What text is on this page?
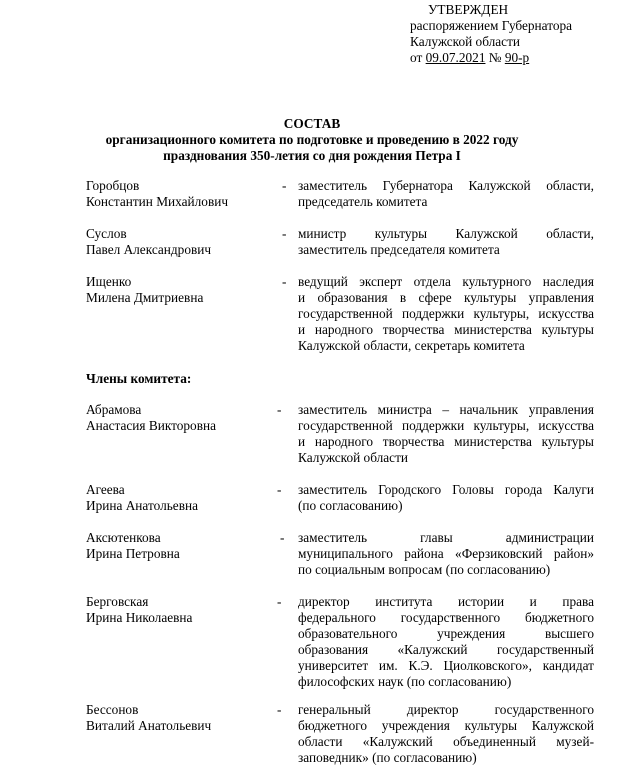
УТВЕРЖДЕН
распоряжением Губернатора
Калужской области
от 09.07.2021 № 90-р
СОСТАВ
организационного комитета по подготовке и проведению в 2022 году
празднования 350-летия со дня рождения Петра I
Горобцов
Константин Михайлович
- заместитель Губернатора Калужской области,
председатель комитета
Суслов
Павел Александрович
- министр культуры Калужской области,
заместитель председателя комитета
Ищенко
Милена Дмитриевна
- ведущий эксперт отдела культурного наследия
и образования в сфере культуры управления
государственной поддержки культуры, искусства
и народного творчества министерства культуры
Калужской области, секретарь комитета
Члены комитета:
Абрамова
Анастасия Викторовна
- заместитель министра – начальник управления
государственной поддержки культуры, искусства
и народного творчества министерства культуры
Калужской области
Агеева
Ирина Анатольевна
- заместитель Городского Головы города Калуги
(по согласованию)
Аксютенкова
Ирина Петровна
- заместитель главы администрации
муниципального района «Ферзиковский район»
по социальным вопросам (по согласованию)
Берговская
Ирина Николаевна
- директор института истории и права
федерального государственного бюджетного
образовательного учреждения высшего
образования «Калужский государственный
университет им. К.Э. Циолковского», кандидат
философских наук (по согласованию)
Бессонов
Виталий Анатольевич
- генеральный директор государственного
бюджетного учреждения культуры Калужской
области «Калужский объединенный музей-
заповедник» (по согласованию)
